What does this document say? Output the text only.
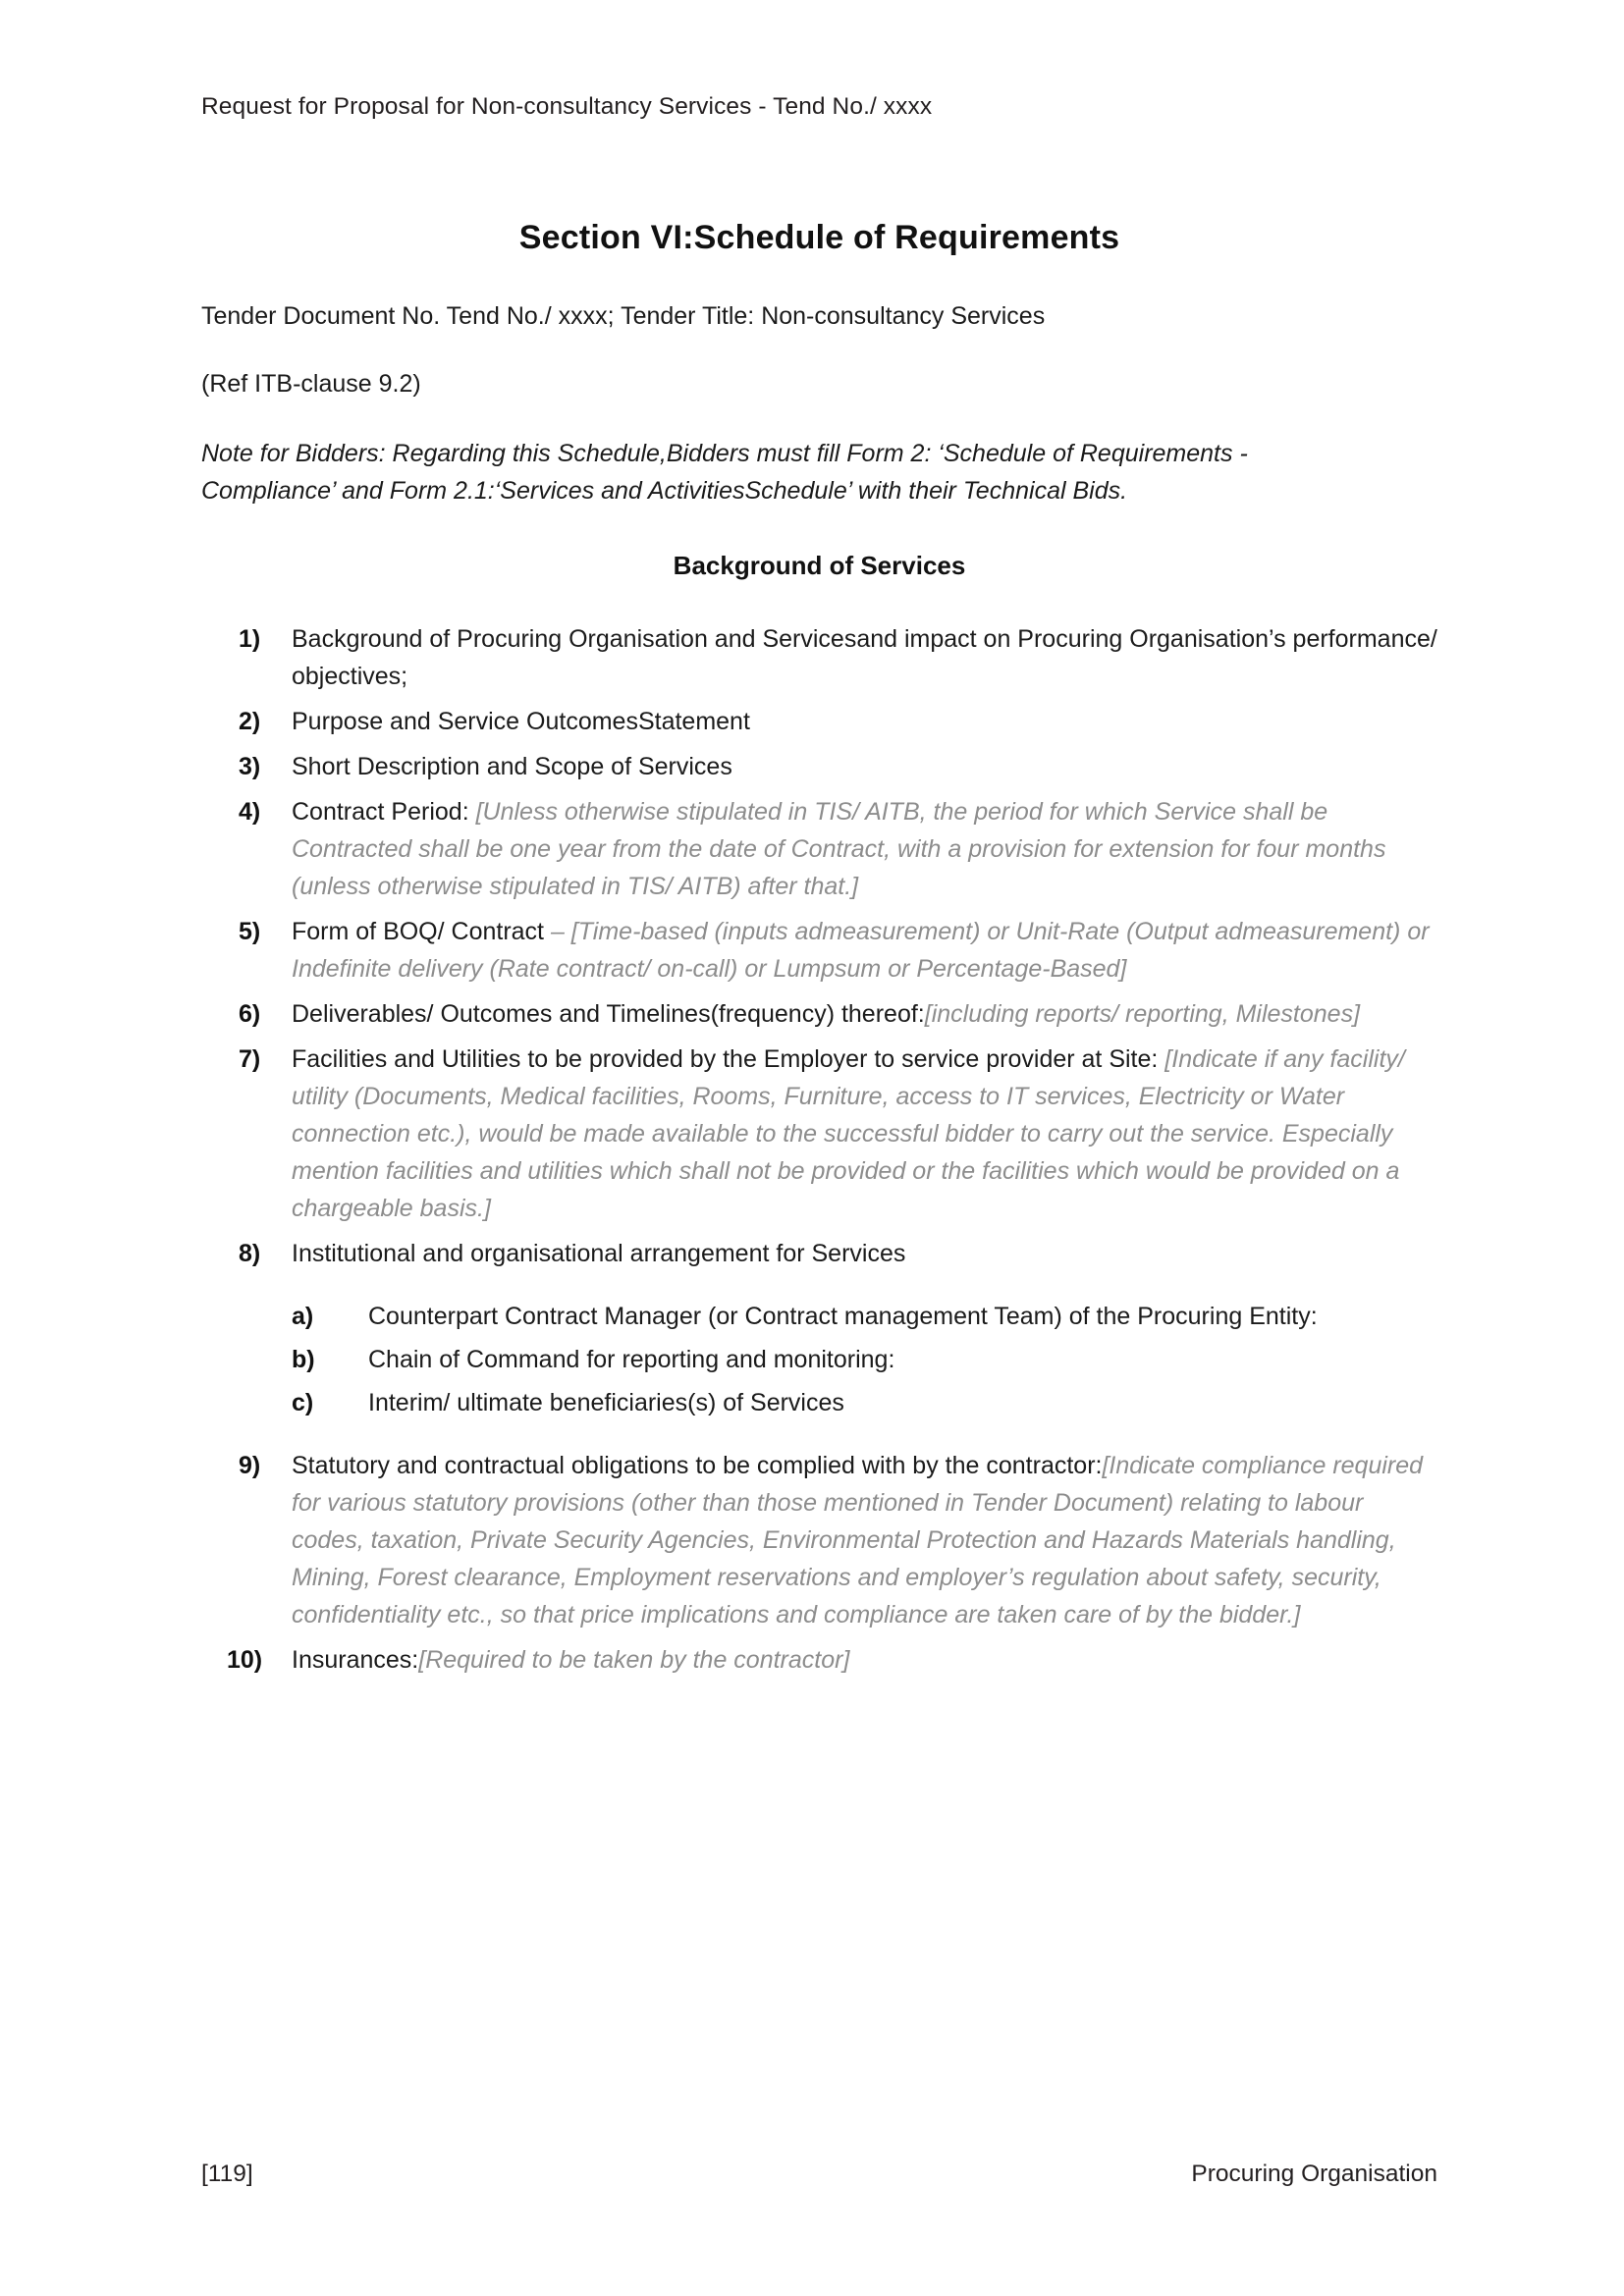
Request for Proposal for Non-consultancy Services - Tend No./ xxxx
Section VI:Schedule of Requirements

Tender Document No. Tend No./ xxxx; Tender Title: Non-consultancy Services

(Ref ITB-clause 9.2)

Note for Bidders: Regarding this Schedule,Bidders must fill Form 2: ‘Schedule of Requirements - Compliance’ and Form 2.1:‘Services and ActivitiesSchedule’ with their Technical Bids.

Background of Services
1) Background of Procuring Organisation and Servicesand impact on Procuring Organisation’s performance/ objectives;
2) Purpose and Service OutcomesStatement
3) Short Description and Scope of Services
4) Contract Period: [Unless otherwise stipulated in TIS/ AITB, the period for which Service shall be Contracted shall be one year from the date of Contract, with a provision for extension for four months (unless otherwise stipulated in TIS/ AITB) after that.]
5) Form of BOQ/ Contract – [Time-based (inputs admeasurement) or Unit-Rate (Output admeasurement) or Indefinite delivery (Rate contract/ on-call) or Lumpsum or Percentage-Based]
6) Deliverables/ Outcomes and Timelines(frequency) thereof:[including reports/ reporting, Milestones]
7) Facilities and Utilities to be provided by the Employer to service provider at Site: [Indicate if any facility/ utility (Documents, Medical facilities, Rooms, Furniture, access to IT services, Electricity or Water connection etc.), would be made available to the successful bidder to carry out the service. Especially mention facilities and utilities which shall not be provided or the facilities which would be provided on a chargeable basis.]
8) Institutional and organisational arrangement for Services
a) Counterpart Contract Manager (or Contract management Team) of the Procuring Entity:
b) Chain of Command for reporting and monitoring:
c) Interim/ ultimate beneficiaries(s) of Services
9) Statutory and contractual obligations to be complied with by the contractor:[Indicate compliance required for various statutory provisions (other than those mentioned in Tender Document) relating to labour codes, taxation, Private Security Agencies, Environmental Protection and Hazards Materials handling, Mining, Forest clearance, Employment reservations and employer’s regulation about safety, security, confidentiality etc., so that price implications and compliance are taken care of by the bidder.]
10) Insurances:[Required to be taken by the contractor]
[119]	Procuring Organisation
